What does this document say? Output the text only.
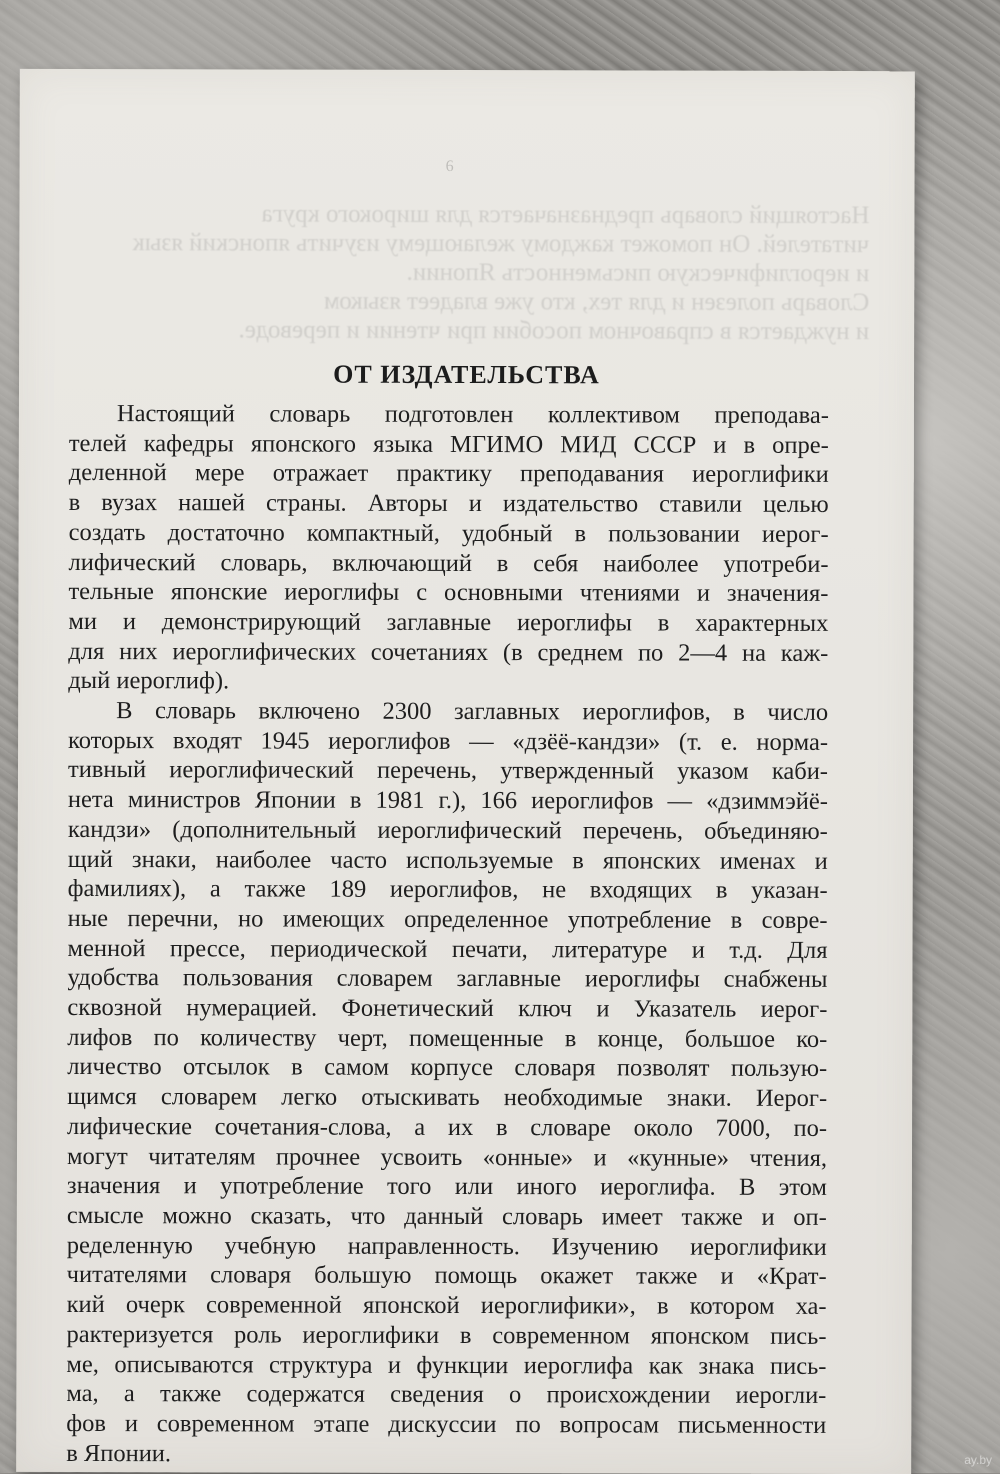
6
Настоящий словарь предназначается для широкого круга
читателей. Он поможет каждому желающему изучить японский язык
и иероглифическую письменность Японии.
Словарь полезен и для тех, кто уже владеет языком
и нуждается в справочном пособии при чтении и переводе.
ОТ ИЗДАТЕЛЬСТВА
Настоящий словарь подготовлен коллективом преподава-
телей кафедры японского языка МГИМО МИД СССР и в опре-
деленной мере отражает практику преподавания иероглифики
в вузах нашей страны. Авторы и издательство ставили целью
создать достаточно компактный, удобный в пользовании иерог-
лифический словарь, включающий в себя наиболее употреби-
тельные японские иероглифы с основными чтениями и значения-
ми и демонстрирующий заглавные иероглифы в характерных
для них иероглифических сочетаниях (в среднем по 2—4 на каж-
дый иероглиф).
В словарь включено 2300 заглавных иероглифов, в число
которых входят 1945 иероглифов — «дзёё-кандзи» (т. е. норма-
тивный иероглифический перечень, утвержденный указом каби-
нета министров Японии в 1981 г.), 166 иероглифов — «дзиммэйё-
кандзи» (дополнительный иероглифический перечень, объединяю-
щий знаки, наиболее часто используемые в японских именах и
фамилиях), а также 189 иероглифов, не входящих в указан-
ные перечни, но имеющих определенное употребление в совре-
менной прессе, периодической печати, литературе и т.д. Для
удобства пользования словарем заглавные иероглифы снабжены
сквозной нумерацией. Фонетический ключ и Указатель иерог-
лифов по количеству черт, помещенные в конце, большое ко-
личество отсылок в самом корпусе словаря позволят пользую-
щимся словарем легко отыскивать необходимые знаки. Иерог-
лифические сочетания-слова, а их в словаре около 7000, по-
могут читателям прочнее усвоить «онные» и «кунные» чтения,
значения и употребление того или иного иероглифа. В этом
смысле можно сказать, что данный словарь имеет также и оп-
ределенную учебную направленность. Изучению иероглифики
читателями словаря большую помощь окажет также и «Крат-
кий очерк современной японской иероглифики», в котором ха-
рактеризуется роль иероглифики в современном японском пись-
ме, описываются структура и функции иероглифа как знака пись-
ма, а также содержатся сведения о происхождении иерогли-
фов и современном этапе дискуссии по вопросам письменности
в Японии.	ay.by
